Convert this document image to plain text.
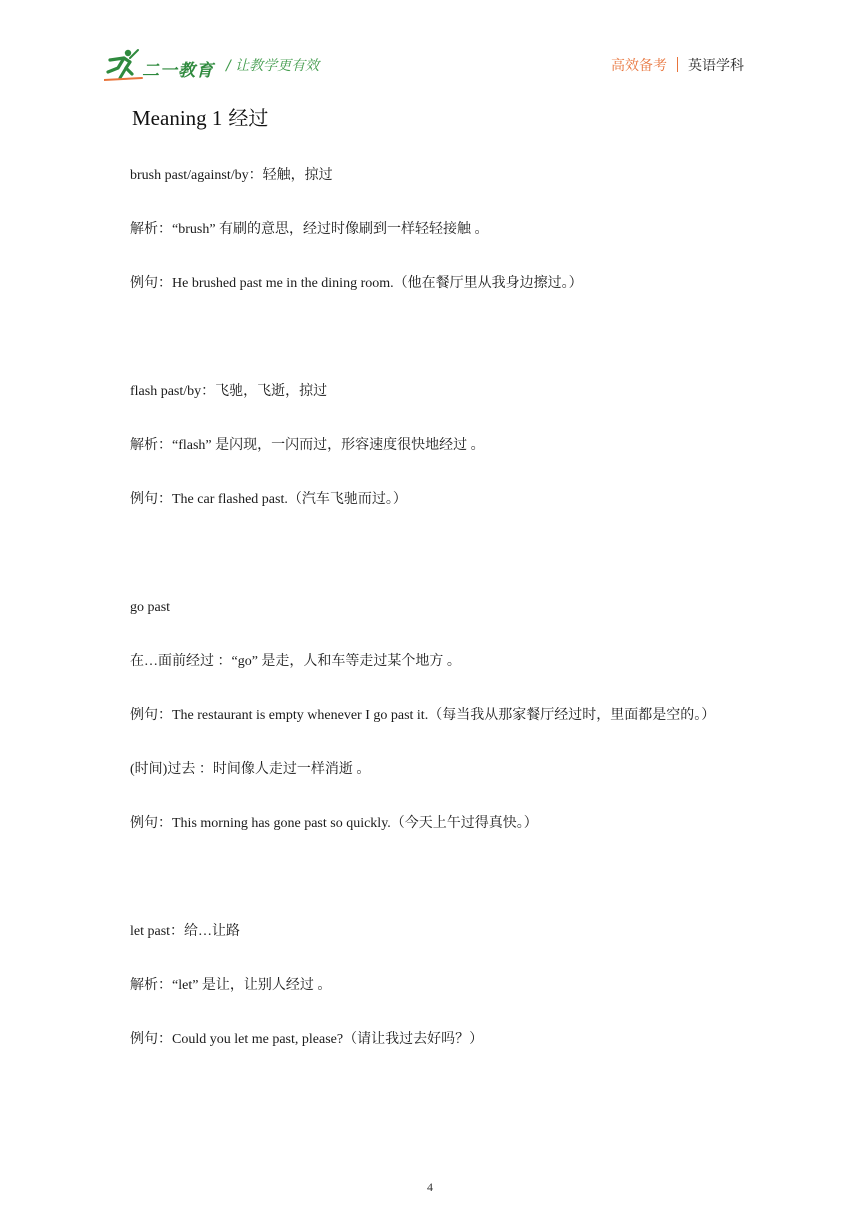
二一教育 / 让教学更有效	高效备考 英语学科
Meaning 1 经过
brush past/against/by：轻触，掠过
解析：“brush” 有刷的意思，经过时像刷到一样轻轻接触 。
例句：He brushed past me in the dining room.（他在餐厅里从我身边擦过。）
flash past/by：飞驰，飞逝，掠过
解析：“flash” 是闪现，一闪而过，形容速度很快地经过 。
例句：The car flashed past.（汽车飞驰而过。）
go past
在…面前经过 ：“go” 是走，人和车等走过某个地方 。
例句：The restaurant is empty whenever I go past it.（每当我从那家餐厅经过时，里面都是空的。）
(时间)过去 ：时间像人走过一样消逝 。
例句：This morning has gone past so quickly.（今天上午过得真快。）
let past：给…让路
解析：“let” 是让，让别人经过 。
例句：Could you let me past, please?（请让我过去好吗？）
4
